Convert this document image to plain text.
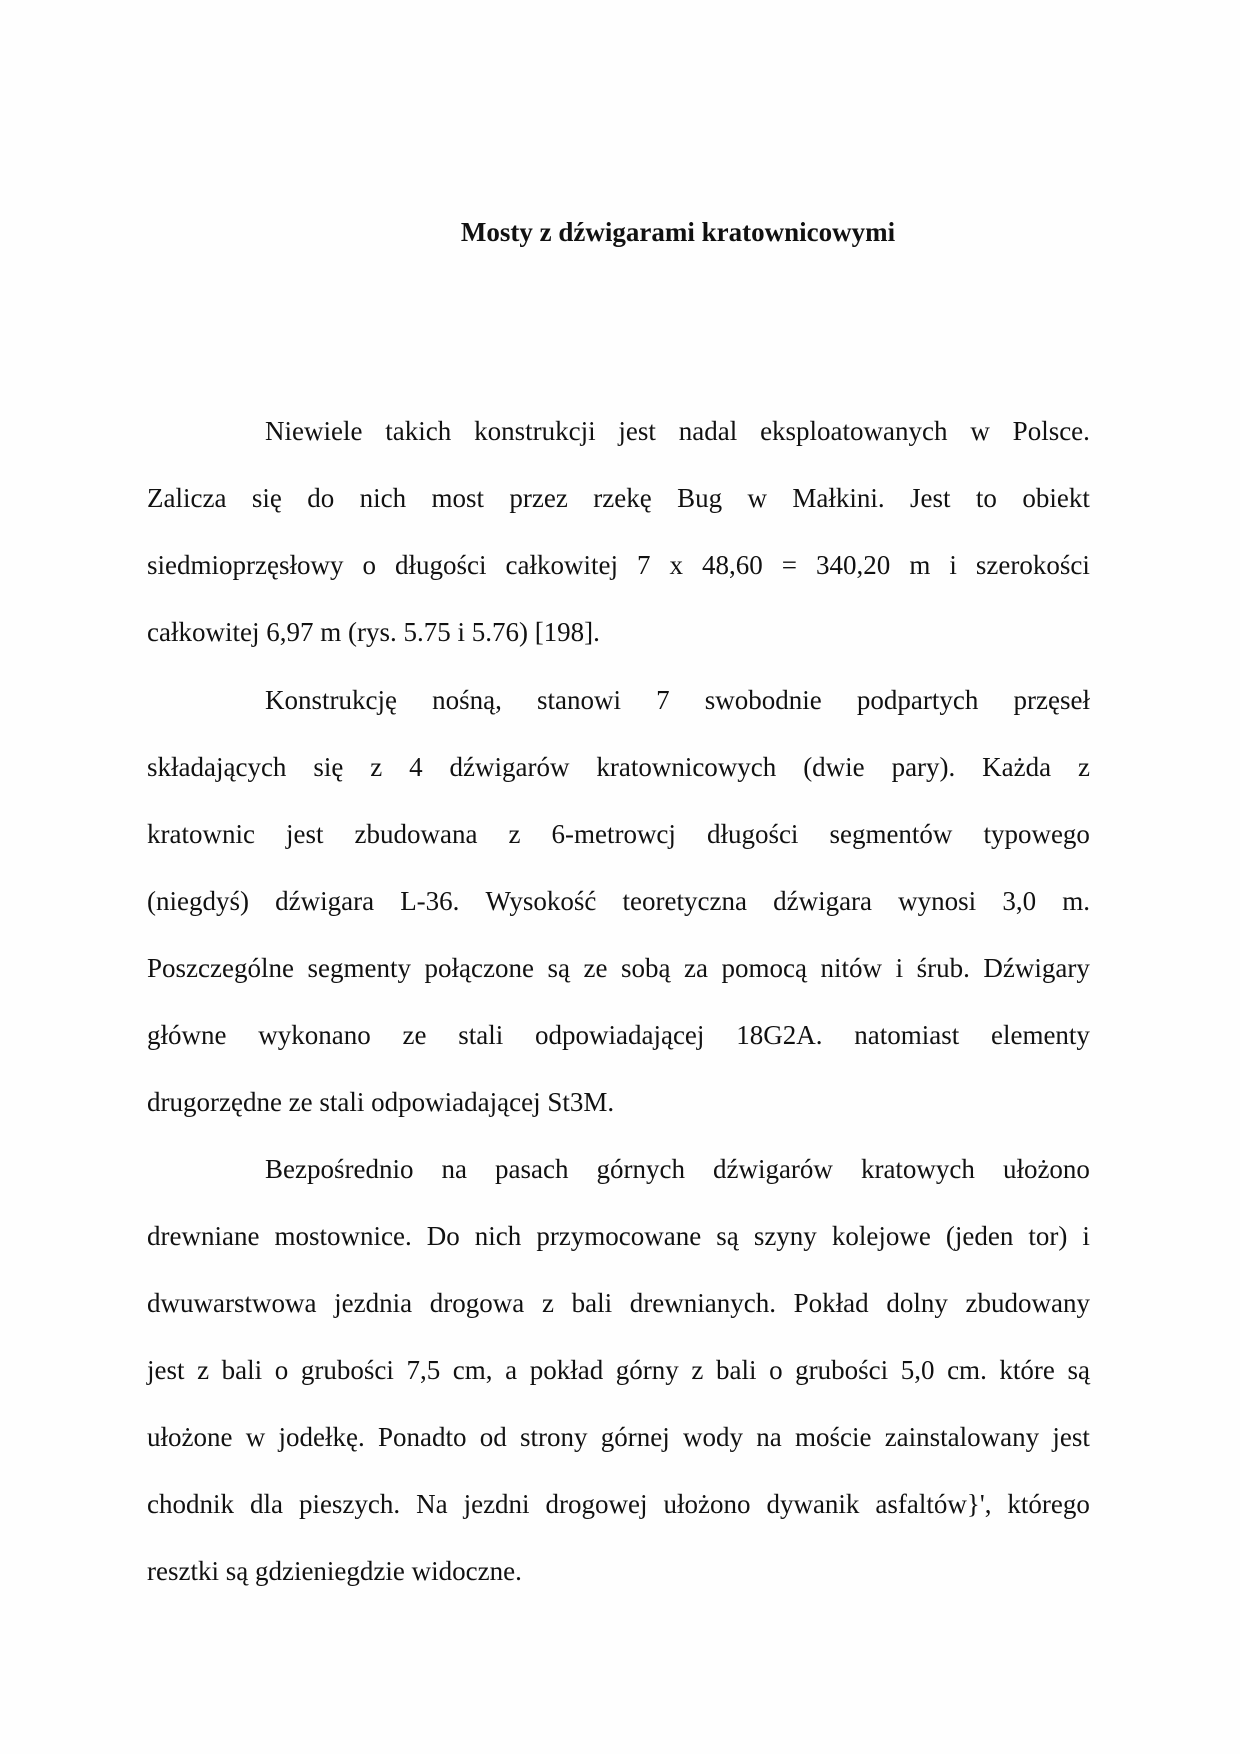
Mosty z dźwigarami kratownicowymi
Niewiele takich konstrukcji jest nadal eksploatowanych w Polsce.
Zalicza się do nich most przez rzekę Bug w Małkini. Jest to obiekt
siedmioprzęsłowy o długości całkowitej 7 x 48,60 = 340,20 m i szerokości
całkowitej 6,97 m (rys. 5.75 i 5.76) [198].
Konstrukcję nośną, stanowi 7 swobodnie podpartych przęseł
składających się z 4 dźwigarów kratownicowych (dwie pary). Każda z
kratownic jest zbudowana z 6-metrowcj długości segmentów typowego
(niegdyś) dźwigara L-36. Wysokość teoretyczna dźwigara wynosi 3,0 m.
Poszczególne segmenty połączone są ze sobą za pomocą nitów i śrub. Dźwigary
główne wykonano ze stali odpowiadającej 18G2A. natomiast elementy
drugorzędne ze stali odpowiadającej St3M.
Bezpośrednio na pasach górnych dźwigarów kratowych ułożono
drewniane mostownice. Do nich przymocowane są szyny kolejowe (jeden tor) i
dwuwarstwowa jezdnia drogowa z bali drewnianych. Pokład dolny zbudowany
jest z bali o grubości 7,5 cm, a pokład górny z bali o grubości 5,0 cm. które są
ułożone w jodełkę. Ponadto od strony górnej wody na moście zainstalowany jest
chodnik dla pieszych. Na jezdni drogowej ułożono dywanik asfaltów}', którego
resztki są gdzieniegdzie widoczne.
